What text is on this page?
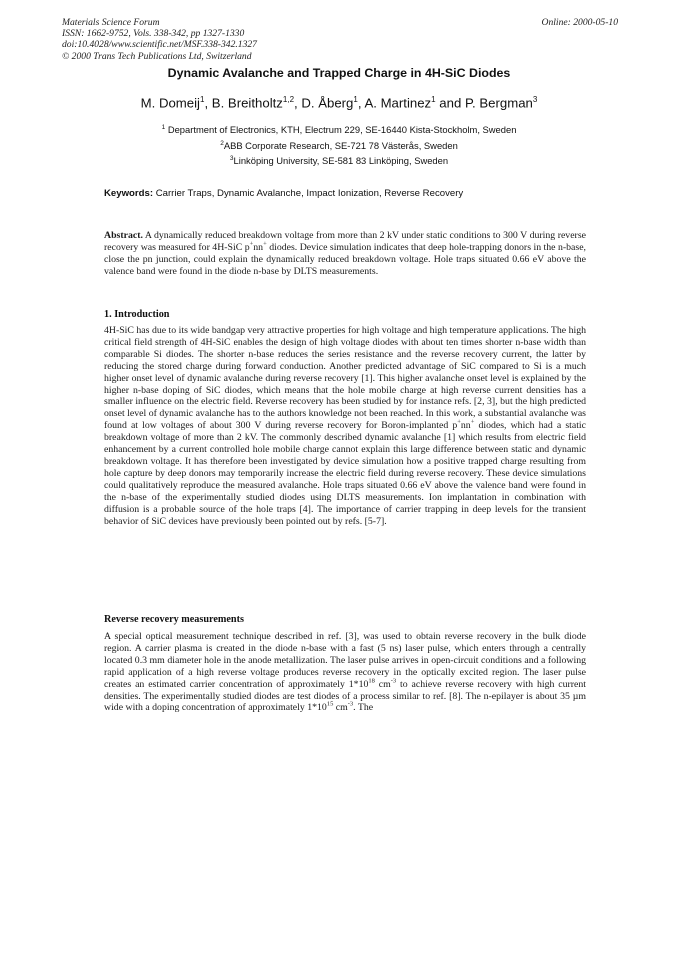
Materials Science Forum
ISSN: 1662-9752, Vols. 338-342, pp 1327-1330
doi:10.4028/www.scientific.net/MSF.338-342.1327
© 2000 Trans Tech Publications Ltd, Switzerland
Online: 2000-05-10
Dynamic Avalanche and Trapped Charge in 4H-SiC Diodes
M. Domeij$^1$, B. Breitholtz$^{1,2}$, D. Åberg$^1$, A. Martinez$^1$ and P. Bergman$^3$
$^1$ Department of Electronics, KTH, Electrum 229, SE-16440 Kista-Stockholm, Sweden
$^2$ABB Corporate Research, SE-721 78 Västerås, Sweden
$^3$Linköping University, SE-581 83 Linköping, Sweden
Keywords: Carrier Traps, Dynamic Avalanche, Impact Ionization, Reverse Recovery
Abstract. A dynamically reduced breakdown voltage from more than 2 kV under static conditions to 300 V during reverse recovery was measured for 4H-SiC p+nn+ diodes. Device simulation indicates that deep hole-trapping donors in the n-base, close the pn junction, could explain the dynamically reduced breakdown voltage. Hole traps situated 0.66 eV above the valence band were found in the diode n-base by DLTS measurements.
1. Introduction
4H-SiC has due to its wide bandgap very attractive properties for high voltage and high temperature applications. The high critical field strength of 4H-SiC enables the design of high voltage diodes with about ten times shorter n-base width than comparable Si diodes. The shorter n-base reduces the series resistance and the reverse recovery current, the latter by reducing the stored charge during forward conduction. Another predicted advantage of SiC compared to Si is a much higher onset level of dynamic avalanche during reverse recovery [1]. This higher avalanche onset level is explained by the higher n-base doping of SiC diodes, which means that the hole mobile charge at high reverse current densities has a smaller influence on the electric field. Reverse recovery has been studied by for instance refs. [2, 3], but the high predicted onset level of dynamic avalanche has to the authors knowledge not been reached. In this work, a substantial avalanche was found at low voltages of about 300 V during reverse recovery for Boron-implanted p+nn+ diodes, which had a static breakdown voltage of more than 2 kV. The commonly described dynamic avalanche [1] which results from electric field enhancement by a current controlled hole mobile charge cannot explain this large difference between static and dynamic breakdown voltage. It has therefore been investigated by device simulation how a positive trapped charge resulting from hole capture by deep donors may temporarily increase the electric field during reverse recovery. These device simulations could qualitatively reproduce the measured avalanche. Hole traps situated 0.66 eV above the valence band were found in the n-base of the experimentally studied diodes using DLTS measurements. Ion implantation in combination with diffusion is a probable source of the hole traps [4]. The importance of carrier trapping in deep levels for the transient behavior of SiC devices have previously been pointed out by refs. [5-7].
Reverse recovery measurements
A special optical measurement technique described in ref. [3], was used to obtain reverse recovery in the bulk diode region. A carrier plasma is created in the diode n-base with a fast (5 ns) laser pulse, which enters through a centrally located 0.3 mm diameter hole in the anode metallization. The laser pulse arrives in open-circuit conditions and a following rapid application of a high reverse voltage produces reverse recovery in the optically excited region. The laser pulse creates an estimated carrier concentration of approximately $1*10^{18}$ $cm^{-3}$ to achieve reverse recovery with high current densities. The experimentally studied diodes are test diodes of a process similar to ref. [8]. The n-epilayer is about 35 µm wide with a doping concentration of approximately $1*10^{15}$ $cm^{-3}$. The
